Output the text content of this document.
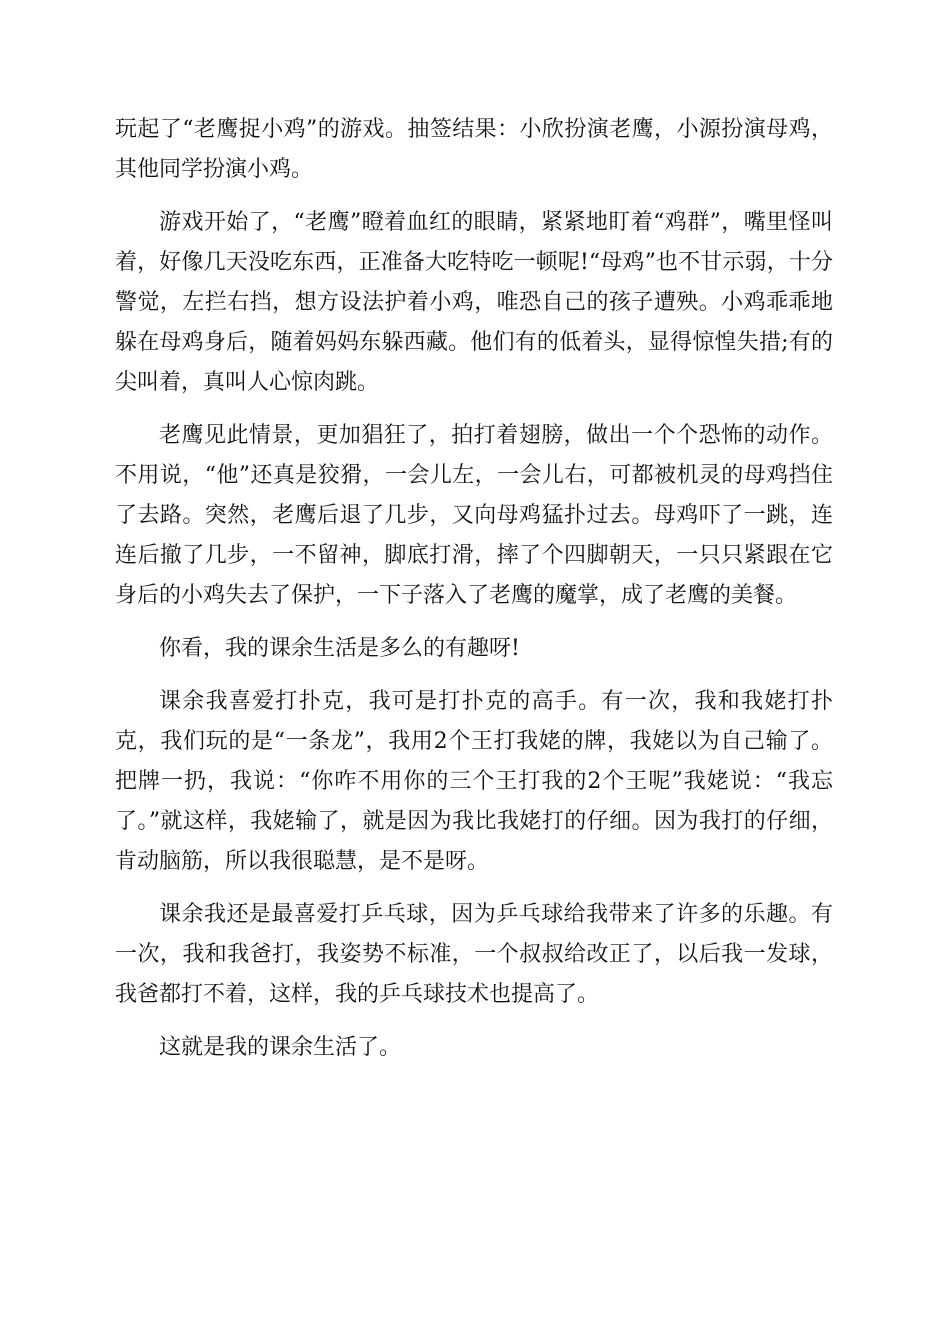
玩起了“老鹰捉小鸡”的游戏。抽签结果：小欣扮演老鹰，小源扮演母鸡，其他同学扮演小鸡。

游戏开始了，“老鹰”瞪着血红的眼睛，紧紧地盯着“鸡群”，嘴里怪叫着，好像几天没吃东西，正准备大吃特吃一顿呢!“母鸡”也不甘示弱，十分警觉，左拦右挡，想方设法护着小鸡，唯恐自己的孩子遭殃。小鸡乖乖地躲在母鸡身后，随着妈妈东躲西藏。他们有的低着头，显得惊惶失措;有的尖叫着，真叫人心惊肉跳。

老鹰见此情景，更加猖狂了，拍打着翅膀，做出一个个恐怖的动作。不用说，“他”还真是狡猾，一会儿左，一会儿右，可都被机灵的母鸡挡住了去路。突然，老鹰后退了几步，又向母鸡猛扑过去。母鸡吓了一跳，连连后撤了几步，一不留神，脚底打滑，摔了个四脚朝天，一只只紧跟在它身后的小鸡失去了保护，一下子落入了老鹰的魔掌，成了老鹰的美餐。

你看，我的课余生活是多么的有趣呀!

课余我喜爱打扑克，我可是打扑克的高手。有一次，我和我姥打扑克，我们玩的是“一条龙”，我用2个王打我姥的牌，我姥以为自己输了。把牌一扔，我说：“你咋不用你的三个王打我的2个王呢”我姥说：“我忘了。”就这样，我姥输了，就是因为我比我姥打的仔细。因为我打的仔细，肯动脑筋，所以我很聪慧，是不是呀。

课余我还是最喜爱打乒乓球，因为乒乓球给我带来了许多的乐趣。有一次，我和我爸打，我姿势不标准，一个叔叔给改正了，以后我一发球，我爸都打不着，这样，我的乒乓球技术也提高了。

这就是我的课余生活了。
